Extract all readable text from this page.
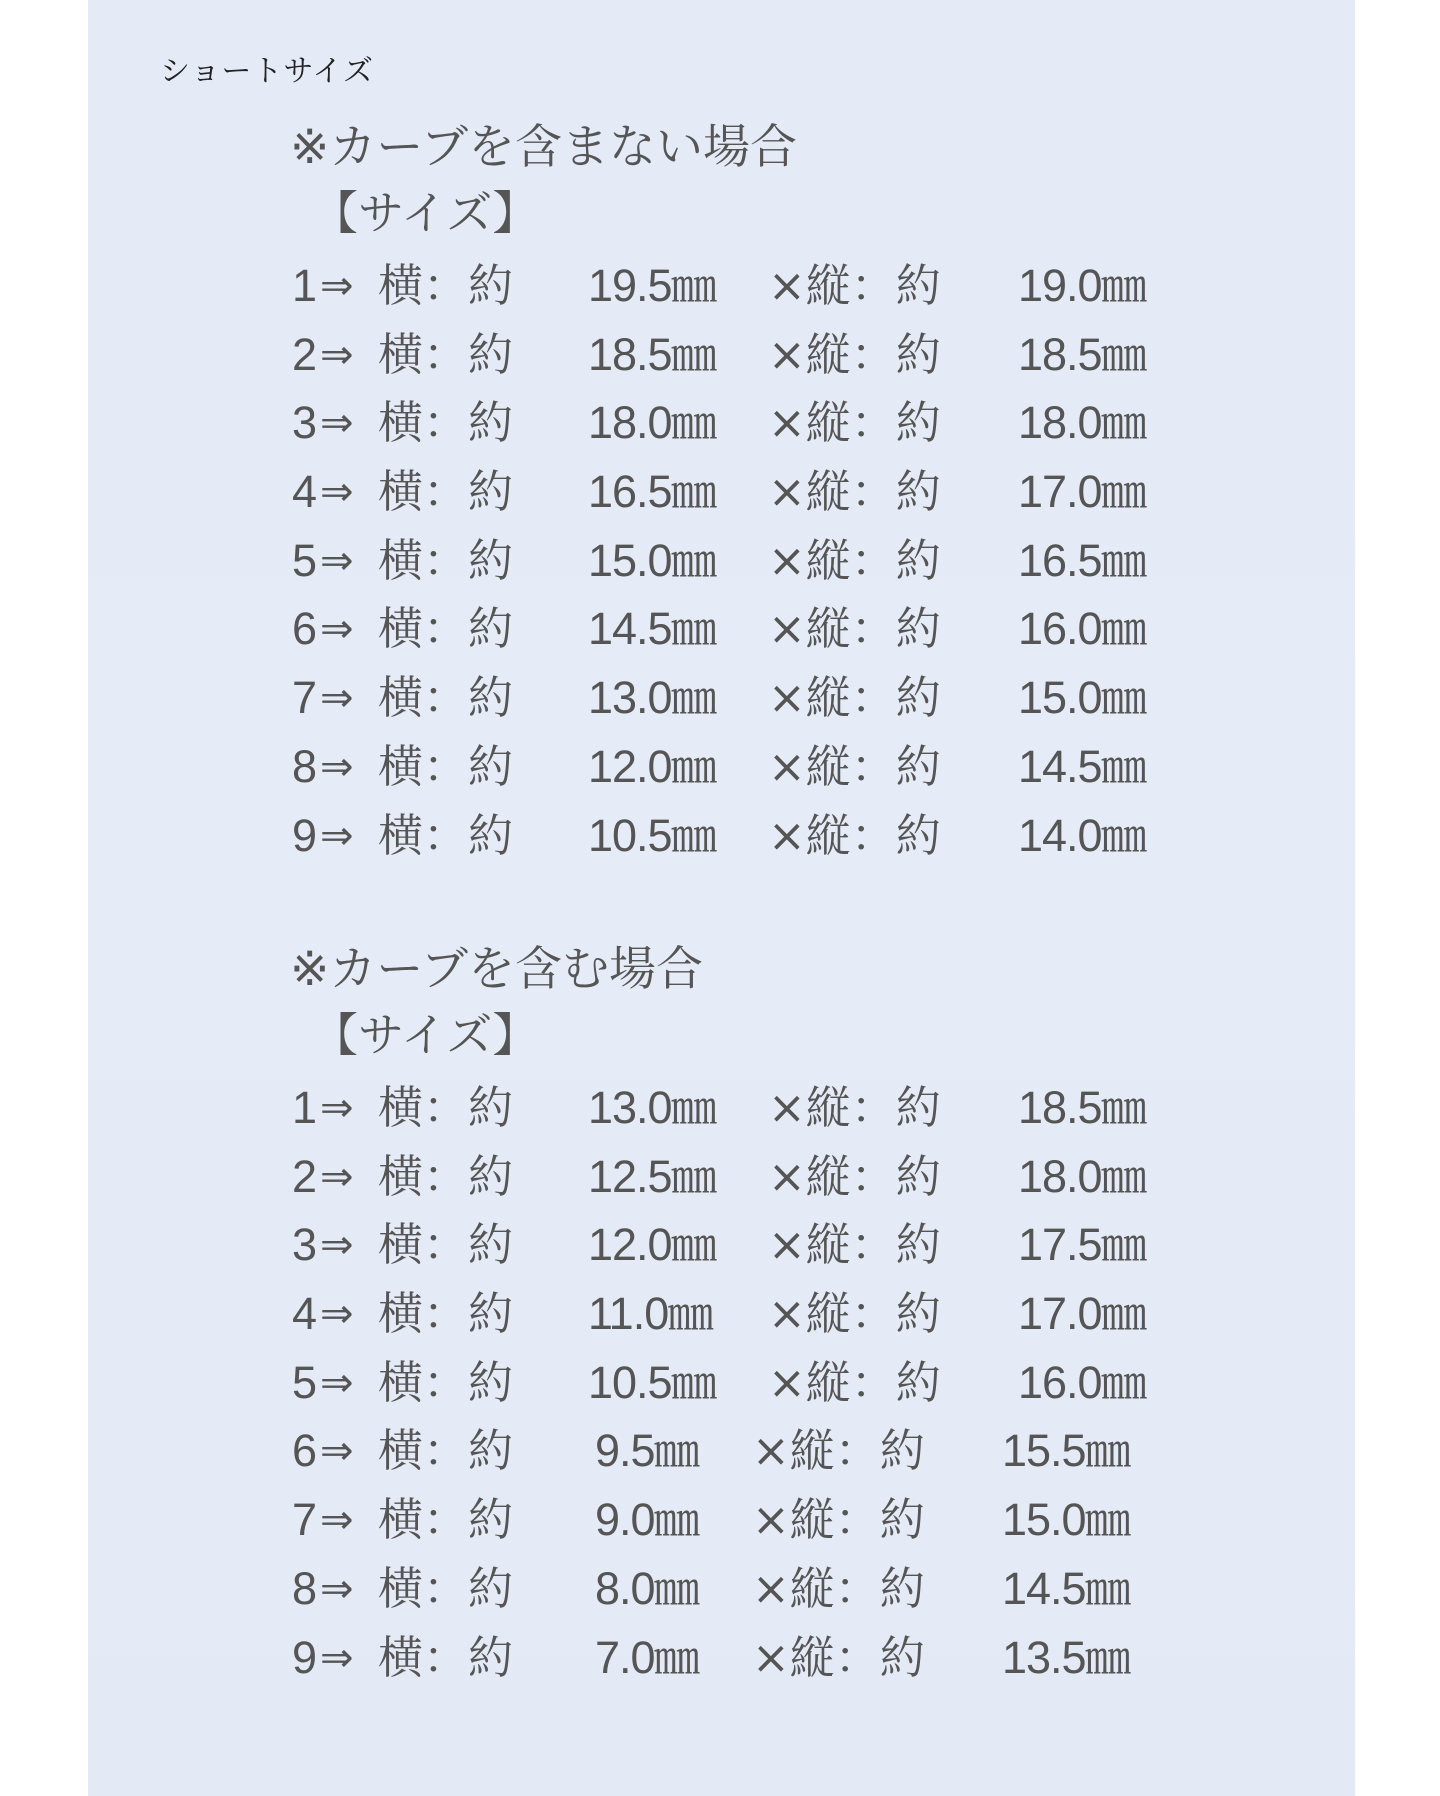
ショートサイズ
※カーブを含まない場合
【サイズ】
1 ⇒ 横：約 19.5㎜ ×縦：約 19.0㎜
2 ⇒ 横：約 18.5㎜ ×縦：約 18.5㎜
3 ⇒ 横：約 18.0㎜ ×縦：約 18.0㎜
4 ⇒ 横：約 16.5㎜ ×縦：約 17.0㎜
5 ⇒ 横：約 15.0㎜ ×縦：約 16.5㎜
6 ⇒ 横：約 14.5㎜ ×縦：約 16.0㎜
7 ⇒ 横：約 13.0㎜ ×縦：約 15.0㎜
8 ⇒ 横：約 12.0㎜ ×縦：約 14.5㎜
9 ⇒ 横：約 10.5㎜ ×縦：約 14.0㎜
※カーブを含む場合
【サイズ】
1 ⇒ 横：約 13.0㎜ ×縦：約 18.5㎜
2 ⇒ 横：約 12.5㎜ ×縦：約 18.0㎜
3 ⇒ 横：約 12.0㎜ ×縦：約 17.5㎜
4 ⇒ 横：約 11.0㎜ ×縦：約 17.0㎜
5 ⇒ 横：約 10.5㎜ ×縦：約 16.0㎜
6 ⇒ 横：約 9.5㎜ ×縦：約 15.5㎜
7 ⇒ 横：約 9.0㎜ ×縦：約 15.0㎜
8 ⇒ 横：約 8.0㎜ ×縦：約 14.5㎜
9 ⇒ 横：約 7.0㎜ ×縦：約 13.5㎜
